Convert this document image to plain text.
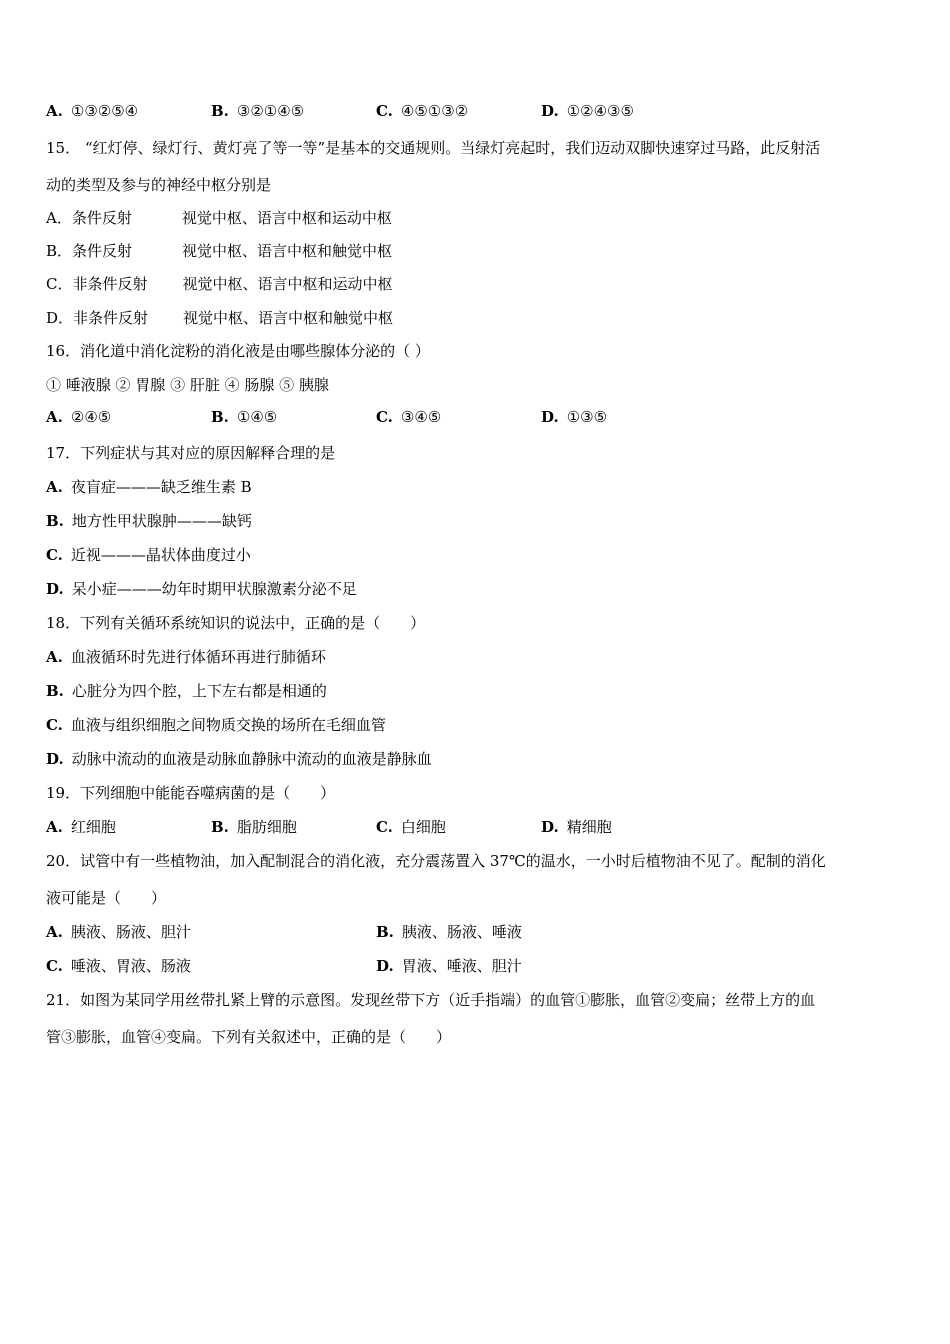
A. ①③②⑤④	B. ③②①④⑤	C. ④⑤①③②	D. ①②④③⑤
15． “红灯停、绿灯行、黄灯亮了等一等”是基本的交通规则。当绿灯亮起时，我们迈动双脚快速穿过马路，此反射活
动的类型及参与的神经中枢分别是
A．条件反射	视觉中枢、语言中枢和运动中枢
B．条件反射	视觉中枢、语言中枢和触觉中枢
C．非条件反射 视觉中枢、语言中枢和运动中枢
D．非条件反射 视觉中枢、语言中枢和触觉中枢
16．消化道中消化淀粉的消化液是由哪些腺体分泌的（ ）
① 唾液腺 ② 胃腺 ③ 肝脏 ④ 肠腺 ⑤ 胰腺
A. ②④⑤	B. ①④⑤	C. ③④⑤	D. ①③⑤
17．下列症状与其对应的原因解释合理的是
A. 夜盲症———缺乏维生素 B
B. 地方性甲状腺肿———缺钙
C. 近视———晶状体曲度过小
D. 呆小症———幼年时期甲状腺激素分泌不足
18．下列有关循环系统知识的说法中，正确的是（　　）
A. 血液循环时先进行体循环再进行肺循环
B. 心脏分为四个腔，上下左右都是相通的
C. 血液与组织细胞之间物质交换的场所在毛细血管
D. 动脉中流动的血液是动脉血静脉中流动的血液是静脉血
19．下列细胞中能能吞噬病菌的是（　　）
A. 红细胞	B. 脂肪细胞	C. 白细胞	D. 精细胞
20．试管中有一些植物油，加入配制混合的消化液，充分震荡置入 37℃的温水，一小时后植物油不见了。配制的消化
液可能是（　　）
A. 胰液、肠液、胆汁	B. 胰液、肠液、唾液
C. 唾液、胃液、肠液	D. 胃液、唾液、胆汁
21．如图为某同学用丝带扎紧上臂的示意图。发现丝带下方（近手指端）的血管①膨胀，血管②变扁；丝带上方的血
管③膨胀，血管④变扁。下列有关叙述中，正确的是（　　）
